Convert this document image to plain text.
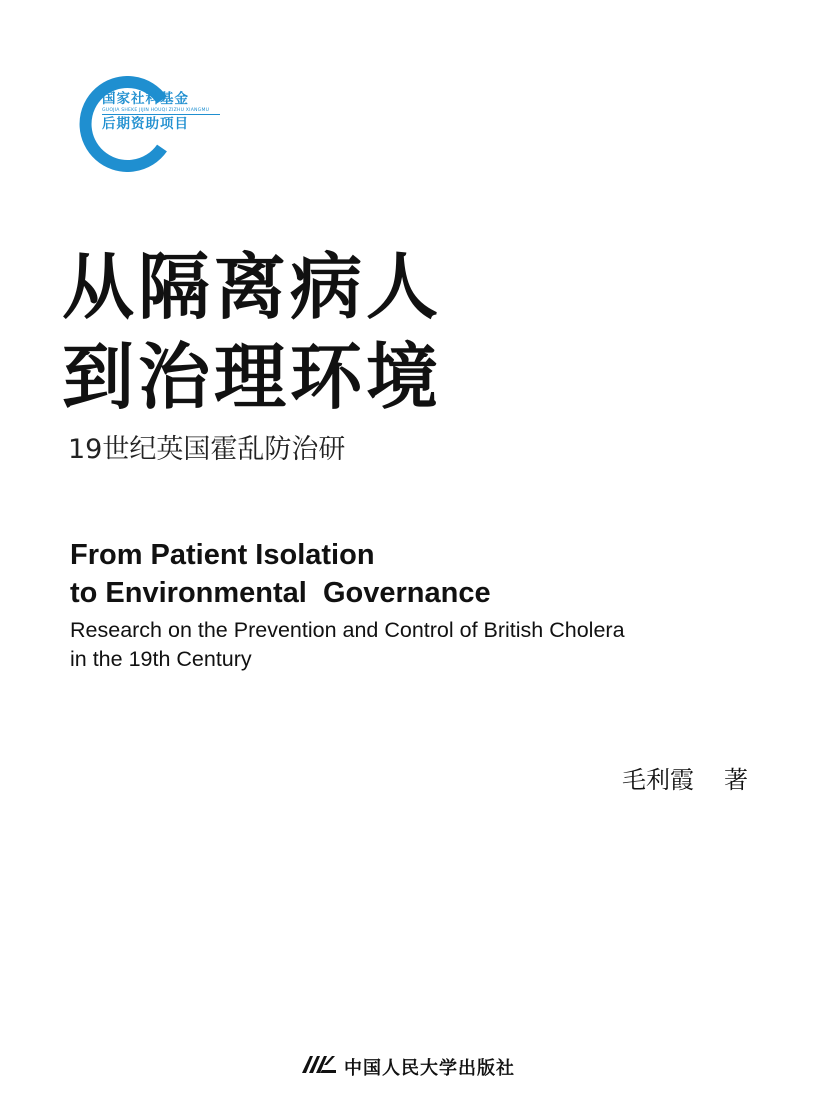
国家社科基金
GUOJIA SHEKE JIJIN HOUQI ZIZHU XIANGMU
后期资助项目
从隔离病人
到治理环境

19世纪英国霍乱防治研

From Patient Isolation
to Environmental  Governance

Research on the Prevention and Control of British Cholera
in the 19th Century

毛利霞 著
中国人民大学出版社
